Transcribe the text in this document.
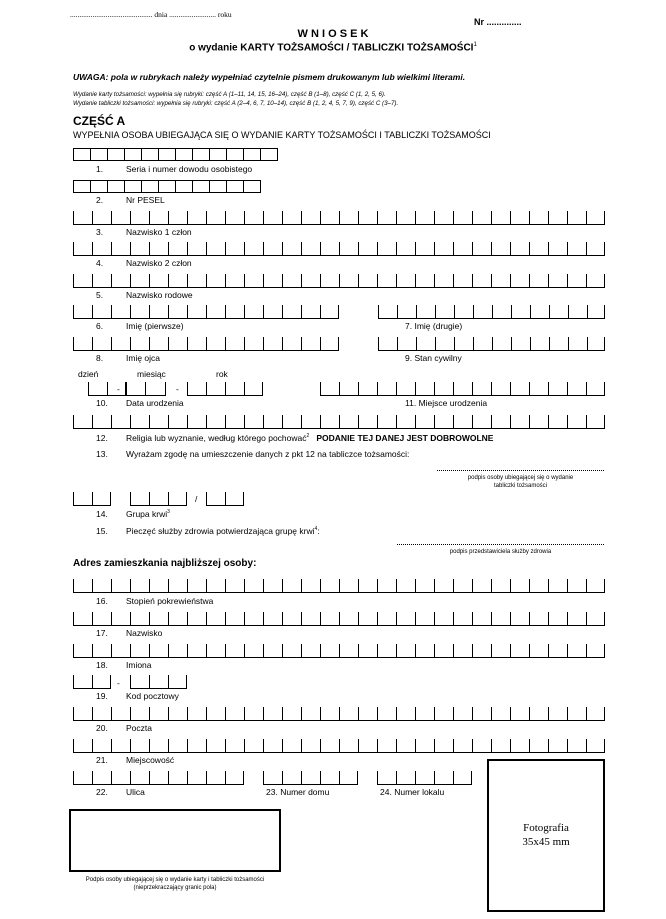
............................................ dnia ......................... roku
Nr ..............
W N I O S E K
o wydanie KARTY TOŻSAMOŚCI / TABLICZKI TOŻSAMOŚCI$^1$
UWAGA: pola w rubrykach należy wypełniać czytelnie pismem drukowanym lub wielkimi literami.
Wydanie karty tożsamości: wypełnia się rubryki: część A (1–11, 14, 15, 16–24), część B (1–8), część C (1, 2, 5, 6).
Wydanie tabliczki tożsamości: wypełnia się rubryki: część A (2–4, 6, 7, 10–14), część B (1, 2, 4, 5, 7, 9), część C (3–7).
CZĘŚĆ A
WYPEŁNIA OSOBA UBIEGAJĄCA SIĘ O WYDANIE KARTY TOŻSAMOŚCI I TABLICZKI TOŻSAMOŚCI
1.	Seria i numer dowodu osobistego
2.	Nr PESEL
3.	Nazwisko 1 człon
4.	Nazwisko 2 człon
5.	Nazwisko rodowe
6.	Imię (pierwsze)	7. Imię (drugie)
8.	Imię ojca	9. Stan cywilny
dzień	miesiąc	rok
-	-
10. Data urodzenia	11. Miejsce urodzenia
12. Religia lub wyznanie, według którego pochować$^2$ PODANIE TEJ DANEJ JEST DOBROWOLNE
13. Wyrażam zgodę na umieszczenie danych z pkt 12 na tabliczce tożsamości:
podpis osoby ubiegającej się o wydanie
tabliczki tożsamości
/
14. Grupa krwi$^3$
15. Pieczęć służby zdrowia potwierdzająca grupę krwi$^4$:
podpis przedstawiciela służby zdrowia
Adres zamieszkania najbliższej osoby:
16. Stopień pokrewieństwa
17. Nazwisko
18. Imiona
-
19. Kod pocztowy
20. Poczta
21. Miejscowość
22. Ulica	23. Numer domu	24. Numer lokalu
Fotografia
35x45 mm
Podpis osoby ubiegającej się o wydanie karty i tabliczki tożsamości
(nieprzekraczający granic pola)
